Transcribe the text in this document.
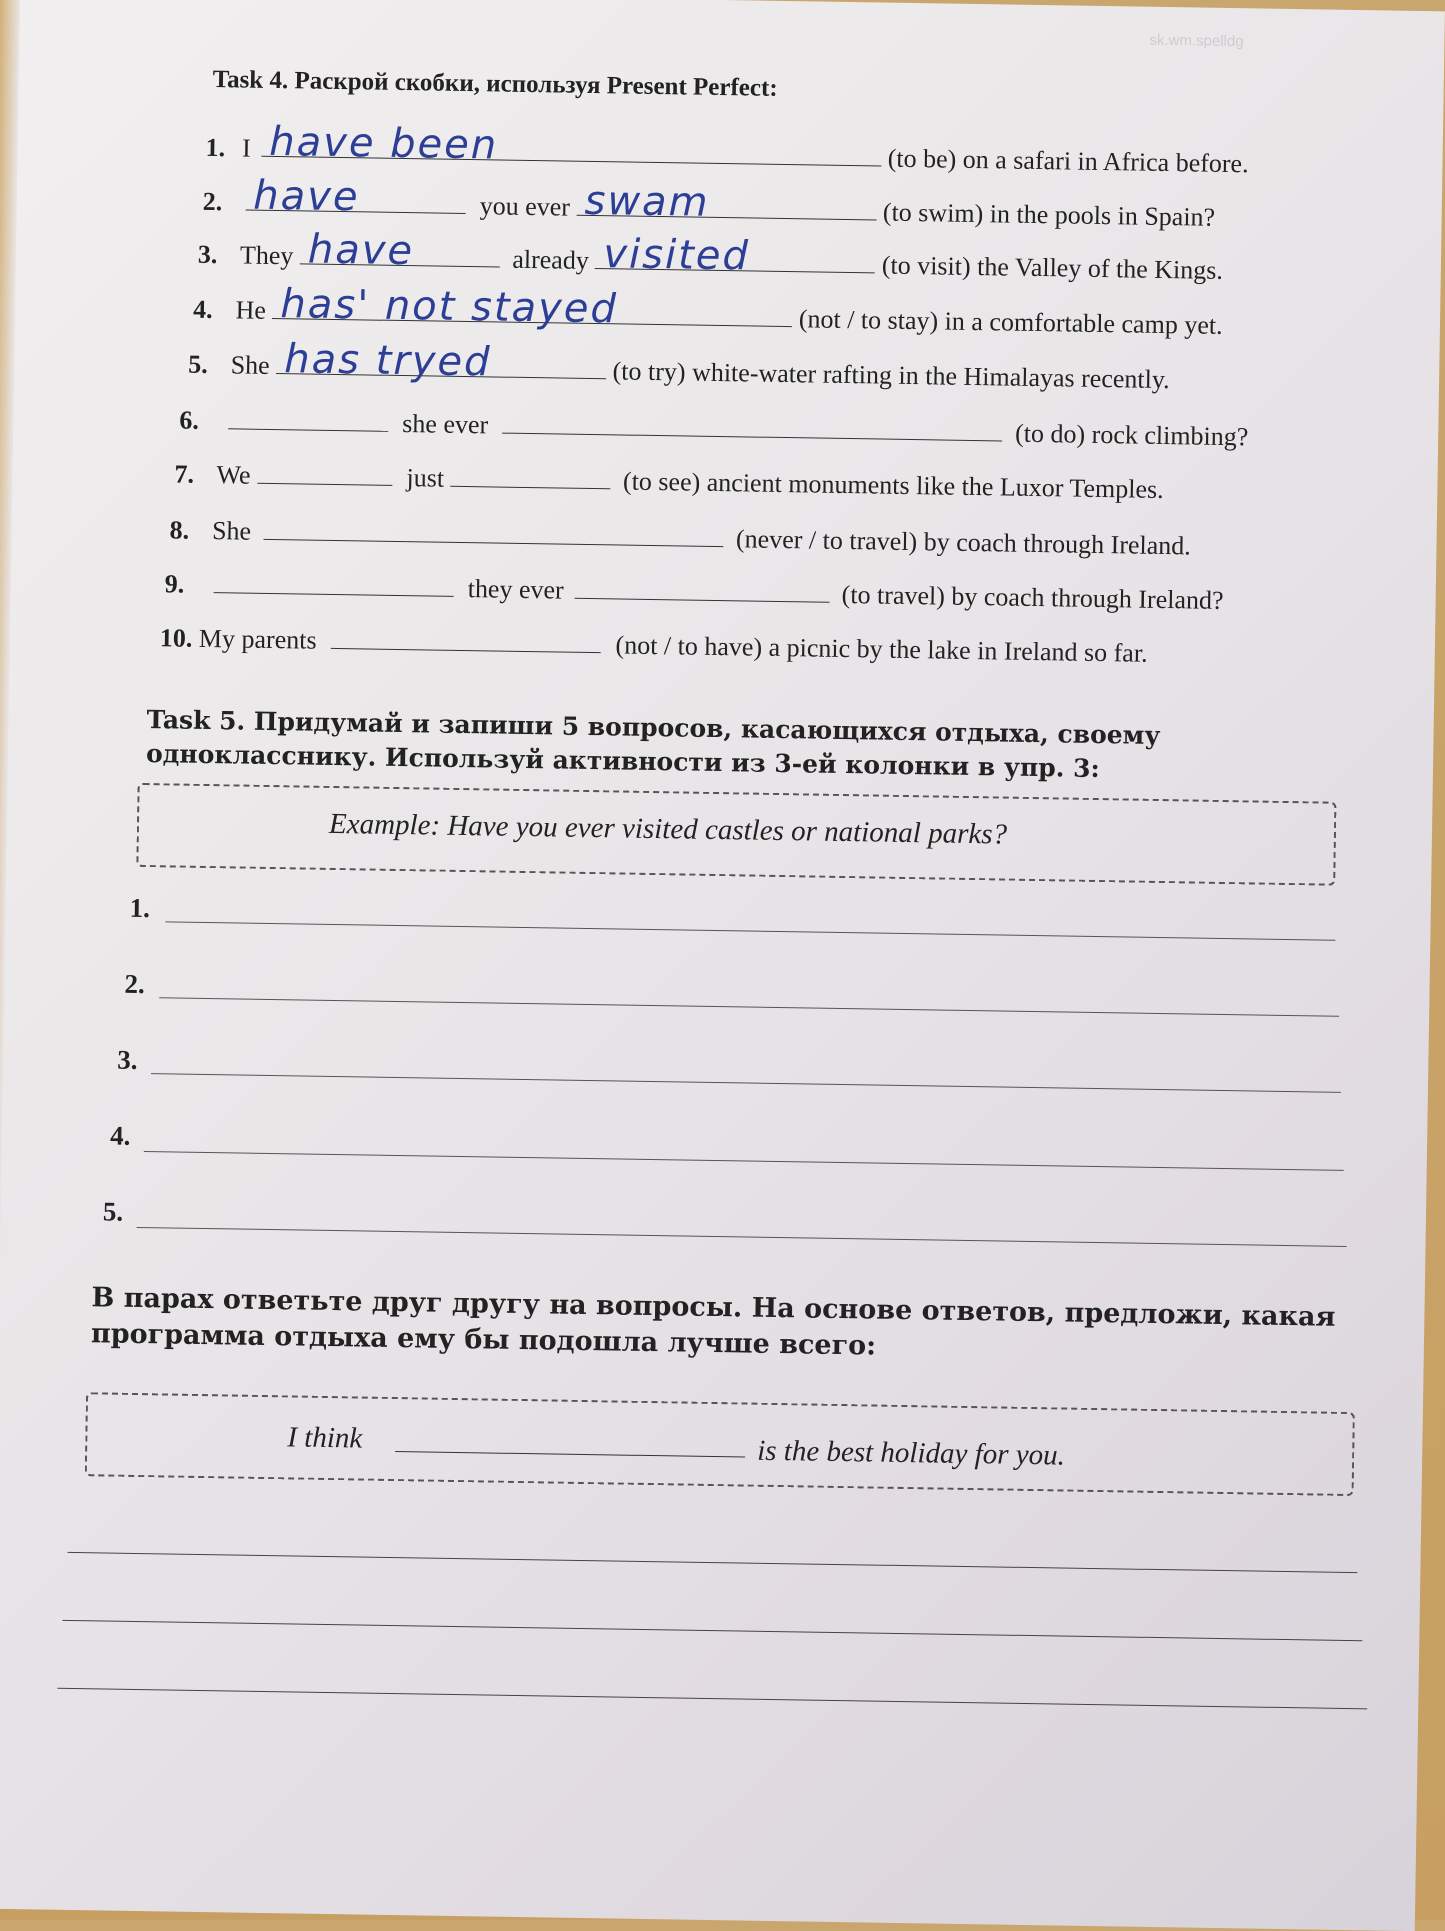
sk.wm.spelldg
Task 4. Раскрой скобки, используя Present Perfect:
1. I have been	(to be) on a safari in Africa before.
2. have	you ever swam	(to swim) in the pools in Spain?
3. They have	already visited	(to visit) the Valley of the Kings.
4. He has' not stayed	(not / to stay) in a comfortable camp yet.
5. She has tryed	(to try) white-water rafting in the Himalayas recently.
6.	she ever	(to do) rock climbing?
7. We	just	(to see) ancient monuments like the Luxor Temples.
8. She	(never / to travel) by coach through Ireland.
9.	they ever	(to travel) by coach through Ireland?
10. My parents	(not / to have) a picnic by the lake in Ireland so far.
Task 5. Придумай и запиши 5 вопросов, касающихся отдыха, своему однокласснику. Используй активности из 3-ей колонки в упр. 3:
Example: Have you ever visited castles or national parks?
1.
2.
3.
4.
5.
В парах ответьте друг другу на вопросы. На основе ответов, предложи, какая программа отдыха ему бы подошла лучше всего:
I think	is the best holiday for you.
